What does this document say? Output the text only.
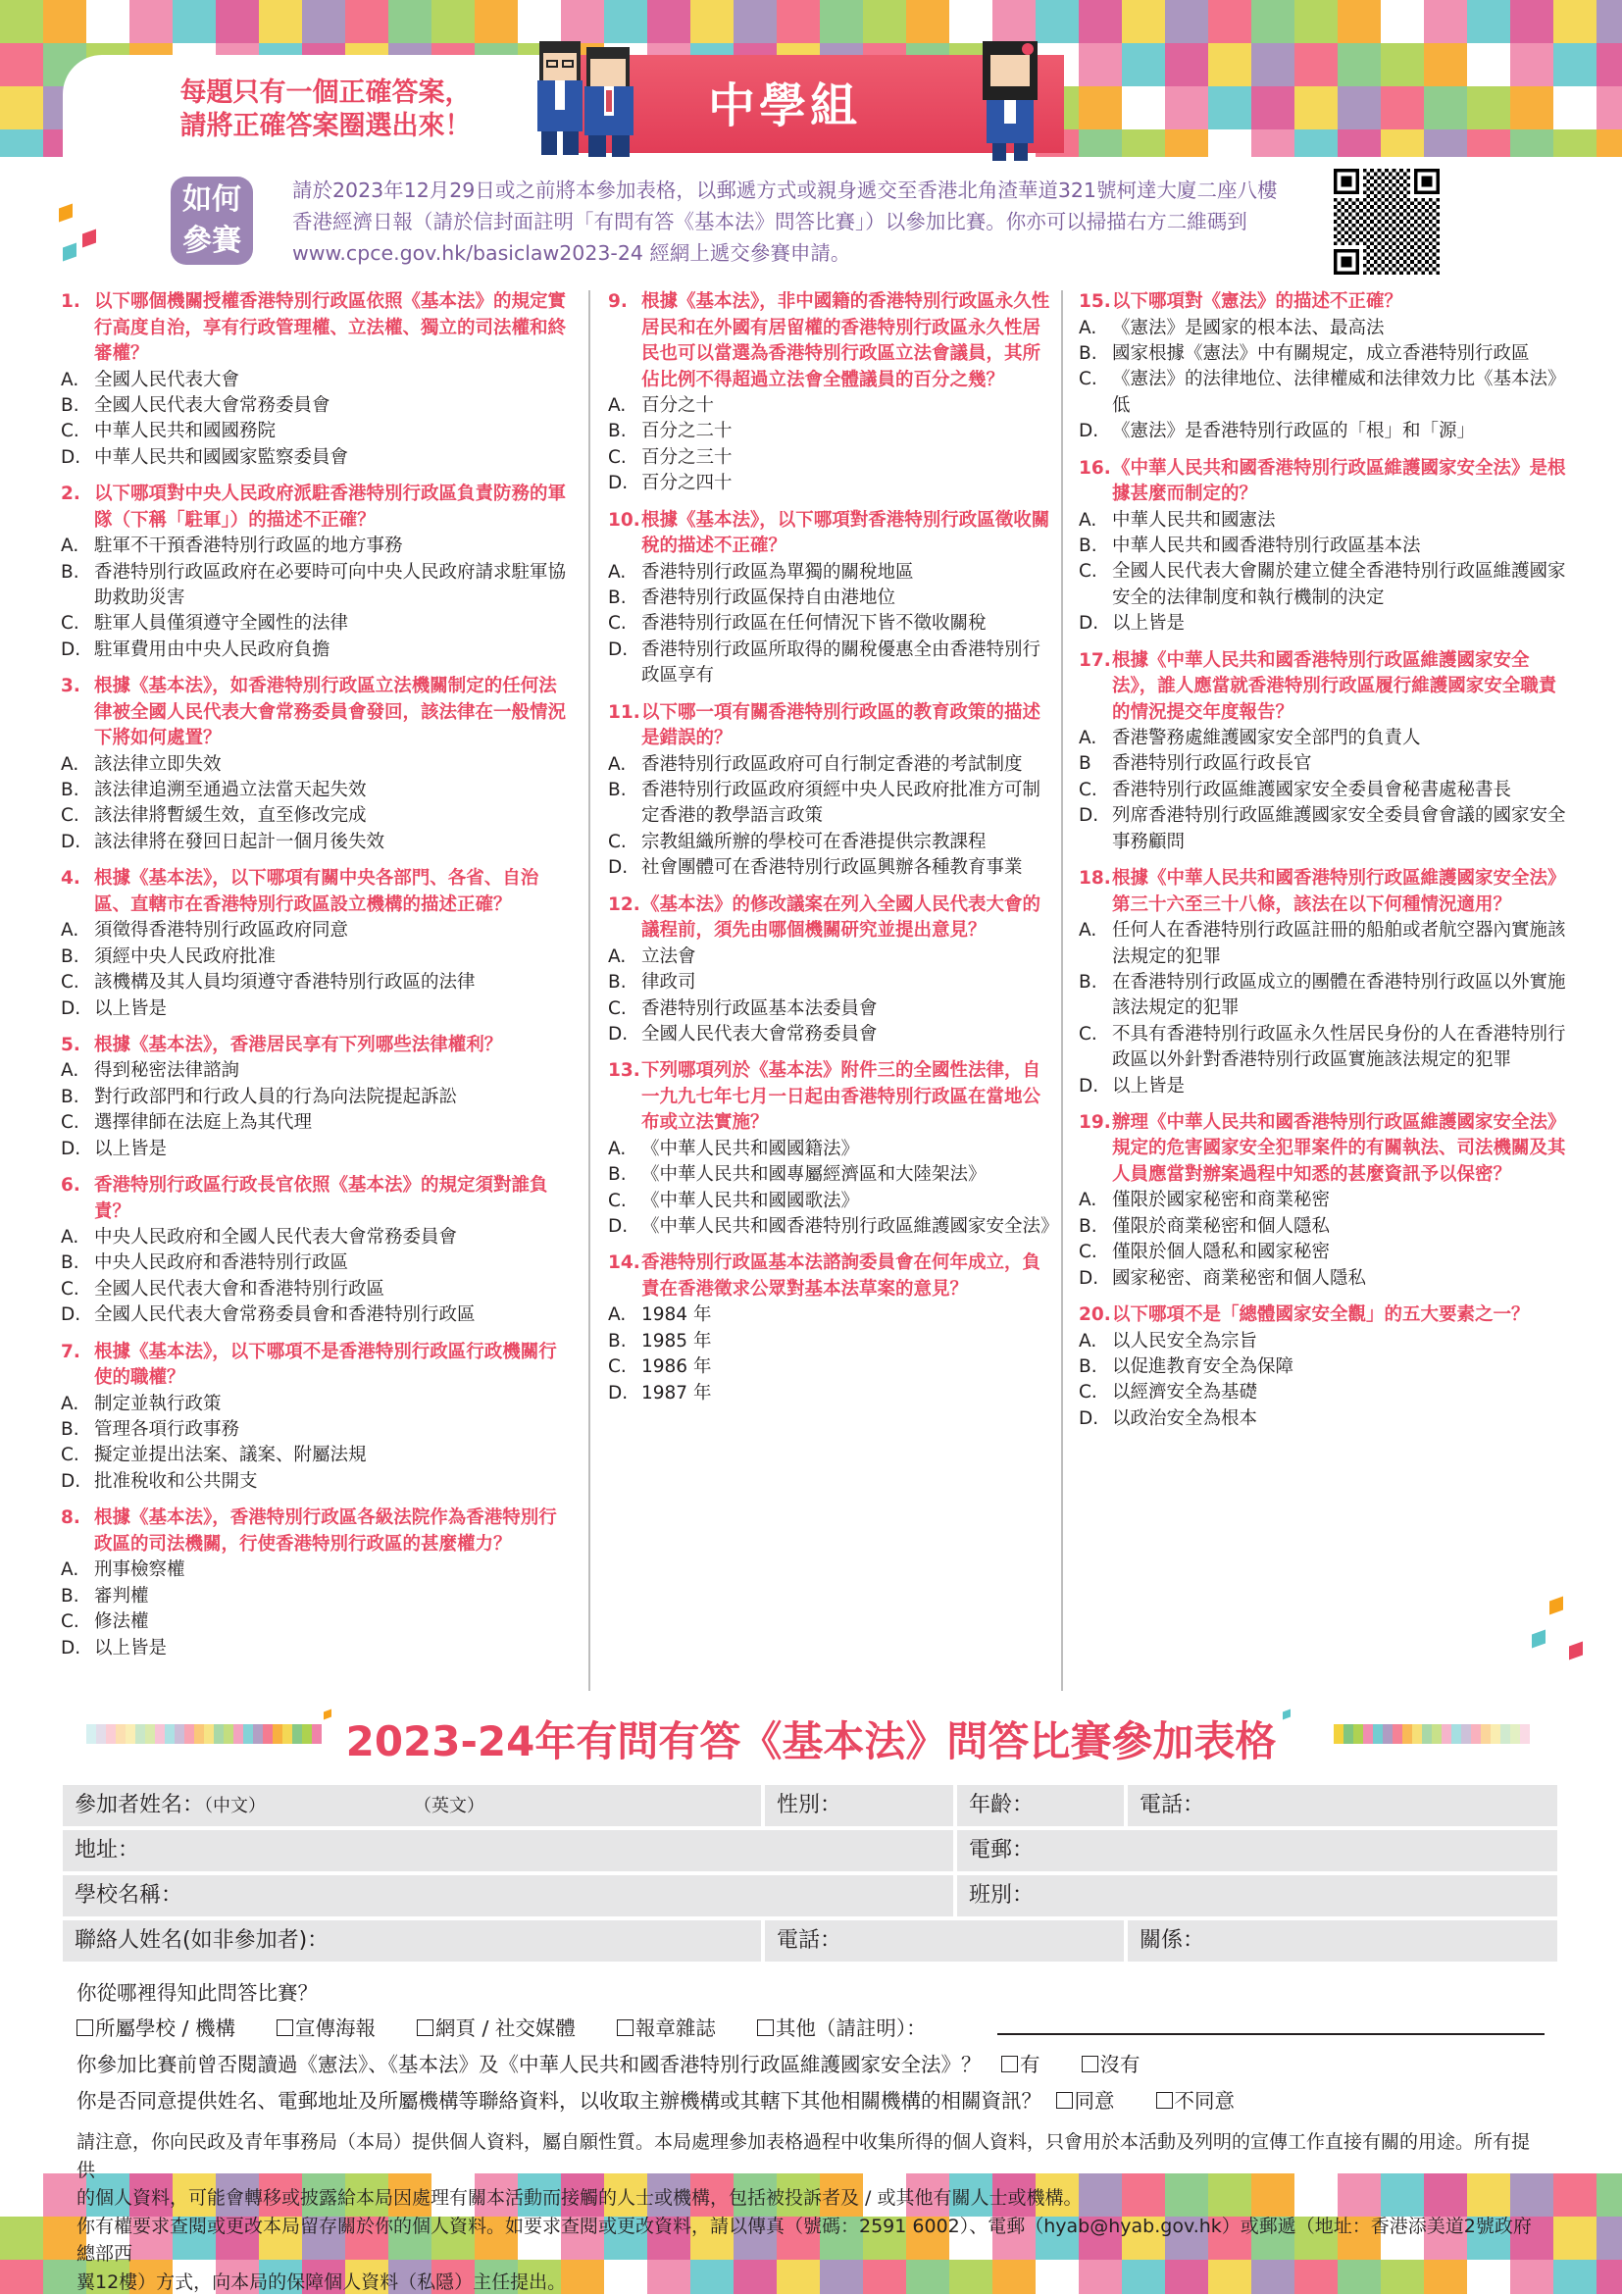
每題只有一個正確答案，
請將正確答案圈選出來！	中學組
如何
參賽
請於2023年12月29日或之前將本參加表格，以郵遞方式或親身遞交至香港北角渣華道321號柯達大廈二座八樓
香港經濟日報（請於信封面註明「有問有答《基本法》問答比賽」）以參加比賽。你亦可以掃描右方二維碼到
www.cpce.gov.hk/basiclaw2023-24 經網上遞交參賽申請。
1. 以下哪個機關授權香港特別行政區依照《基本法》的規定實行高度自治，享有行政管理權、立法權、獨立的司法權和終審權？
A. 全國人民代表大會
B. 全國人民代表大會常務委員會
C. 中華人民共和國國務院
D. 中華人民共和國國家監察委員會
2. 以下哪項對中央人民政府派駐香港特別行政區負責防務的軍隊（下稱「駐軍」）的描述不正確？
A. 駐軍不干預香港特別行政區的地方事務
B. 香港特別行政區政府在必要時可向中央人民政府請求駐軍協助救助災害
C. 駐軍人員僅須遵守全國性的法律
D. 駐軍費用由中央人民政府負擔
3. 根據《基本法》，如香港特別行政區立法機關制定的任何法律被全國人民代表大會常務委員會發回，該法律在一般情況下將如何處置？
A. 該法律立即失效
B. 該法律追溯至通過立法當天起失效
C. 該法律將暫緩生效，直至修改完成
D. 該法律將在發回日起計一個月後失效
4. 根據《基本法》，以下哪項有關中央各部門、各省、自治區、直轄市在香港特別行政區設立機構的描述正確？
A. 須徵得香港特別行政區政府同意
B. 須經中央人民政府批准
C. 該機構及其人員均須遵守香港特別行政區的法律
D. 以上皆是
5. 根據《基本法》，香港居民享有下列哪些法律權利？
A. 得到秘密法律諮詢
B. 對行政部門和行政人員的行為向法院提起訴訟
C. 選擇律師在法庭上為其代理
D. 以上皆是
6. 香港特別行政區行政長官依照《基本法》的規定須對誰負責？
A. 中央人民政府和全國人民代表大會常務委員會
B. 中央人民政府和香港特別行政區
C. 全國人民代表大會和香港特別行政區
D. 全國人民代表大會常務委員會和香港特別行政區
7. 根據《基本法》，以下哪項不是香港特別行政區行政機關行使的職權？
A. 制定並執行政策
B. 管理各項行政事務
C. 擬定並提出法案、議案、附屬法規
D. 批准稅收和公共開支
8. 根據《基本法》，香港特別行政區各級法院作為香港特別行政區的司法機關，行使香港特別行政區的甚麼權力？
A. 刑事檢察權
B. 審判權
C. 修法權
D. 以上皆是
9. 根據《基本法》，非中國籍的香港特別行政區永久性居民和在外國有居留權的香港特別行政區永久性居民也可以當選為香港特別行政區立法會議員，其所佔比例不得超過立法會全體議員的百分之幾？
A. 百分之十
B. 百分之二十
C. 百分之三十
D. 百分之四十
10. 根據《基本法》，以下哪項對香港特別行政區徵收關稅的描述不正確？
A. 香港特別行政區為單獨的關稅地區
B. 香港特別行政區保持自由港地位
C. 香港特別行政區在任何情況下皆不徵收關稅
D. 香港特別行政區所取得的關稅優惠全由香港特別行政區享有
11. 以下哪一項有關香港特別行政區的教育政策的描述是錯誤的？
A. 香港特別行政區政府可自行制定香港的考試制度
B. 香港特別行政區政府須經中央人民政府批准方可制定香港的教學語言政策
C. 宗教組織所辦的學校可在香港提供宗教課程
D. 社會團體可在香港特別行政區興辦各種教育事業
12. 《基本法》的修改議案在列入全國人民代表大會的議程前，須先由哪個機關研究並提出意見？
A. 立法會
B. 律政司
C. 香港特別行政區基本法委員會
D. 全國人民代表大會常務委員會
13. 下列哪項列於《基本法》附件三的全國性法律，自一九九七年七月一日起由香港特別行政區在當地公布或立法實施？
A. 《中華人民共和國國籍法》
B. 《中華人民共和國專屬經濟區和大陸架法》
C. 《中華人民共和國國歌法》
D. 《中華人民共和國香港特別行政區維護國家安全法》
14. 香港特別行政區基本法諮詢委員會在何年成立，負責在香港徵求公眾對基本法草案的意見？
A. 1984 年
B. 1985 年
C. 1986 年
D. 1987 年
15. 以下哪項對《憲法》的描述不正確？
A. 《憲法》是國家的根本法、最高法
B. 國家根據《憲法》中有關規定，成立香港特別行政區
C. 《憲法》的法律地位、法律權威和法律效力比《基本法》低
D. 《憲法》是香港特別行政區的「根」和「源」
16. 《中華人民共和國香港特別行政區維護國家安全法》是根據甚麼而制定的？
A. 中華人民共和國憲法
B. 中華人民共和國香港特別行政區基本法
C. 全國人民代表大會關於建立健全香港特別行政區維護國家安全的法律制度和執行機制的決定
D. 以上皆是
17. 根據《中華人民共和國香港特別行政區維護國家安全法》，誰人應當就香港特別行政區履行維護國家安全職責的情況提交年度報告？
A. 香港警務處維護國家安全部門的負責人
B	香港特別行政區行政長官
C. 香港特別行政區維護國家安全委員會秘書處秘書長
D. 列席香港特別行政區維護國家安全委員會會議的國家安全事務顧問
18. 根據《中華人民共和國香港特別行政區維護國家安全法》第三十六至三十八條，該法在以下何種情況適用？
A. 任何人在香港特別行政區註冊的船舶或者航空器內實施該法規定的犯罪
B. 在香港特別行政區成立的團體在香港特別行政區以外實施該法規定的犯罪
C. 不具有香港特別行政區永久性居民身份的人在香港特別行政區以外針對香港特別行政區實施該法規定的犯罪
D. 以上皆是
19. 辦理《中華人民共和國香港特別行政區維護國家安全法》規定的危害國家安全犯罪案件的有關執法、司法機關及其人員應當對辦案過程中知悉的甚麼資訊予以保密？
A. 僅限於國家秘密和商業秘密
B. 僅限於商業秘密和個人隱私
C. 僅限於個人隱私和國家秘密
D. 國家秘密、商業秘密和個人隱私
20. 以下哪項不是「總體國家安全觀」的五大要素之一？
A. 以人民安全為宗旨
B. 以促進教育安全為保障
C. 以經濟安全為基礎
D. 以政治安全為根本
2023-24年有問有答《基本法》問答比賽參加表格
參加者姓名：（中文）	（英文）	性別：	年齡：	電話：
地址：	電郵：
學校名稱：	班別：
聯絡人姓名(如非參加者)：	電話：	關係：
你從哪裡得知此問答比賽？
所屬學校 / 機構	宣傳海報	網頁 / 社交媒體	報章雜誌	其他（請註明）：
你參加比賽前曾否閱讀過《憲法》、《基本法》及《中華人民共和國香港特別行政區維護國家安全法》？ 有	沒有
你是否同意提供姓名、電郵地址及所屬機構等聯絡資料，以收取主辦機構或其轄下其他相關機構的相關資訊？ 同意	不同意
請注意，你向民政及青年事務局（本局）提供個人資料，屬自願性質。本局處理參加表格過程中收集所得的個人資料，只會用於本活動及列明的宣傳工作直接有關的用途。所有提供
的個人資料，可能會轉移或披露給本局因處理有關本活動而接觸的人士或機構，包括被投訴者及 / 或其他有關人士或機構。
你有權要求查閱或更改本局留存關於你的個人資料。如要求查閱或更改資料，請以傳真（號碼：2591 6002）、電郵（hyab@hyab.gov.hk）或郵遞（地址：香港添美道2號政府總部西
翼12樓）方式，向本局的保障個人資料（私隱）主任提出。
